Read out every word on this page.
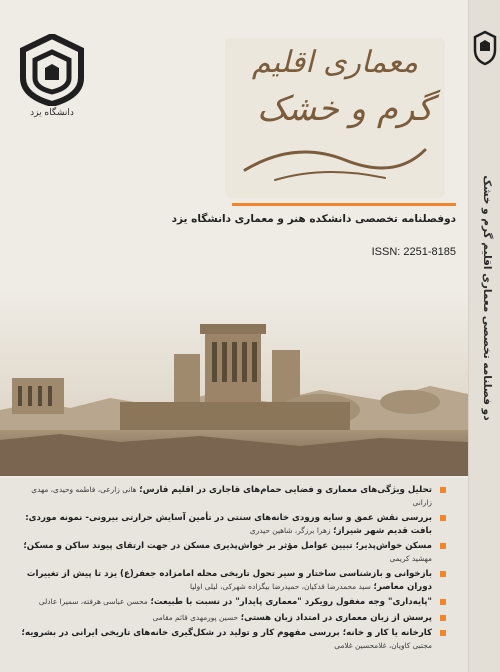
دانشگاه یزد
معماری اقلیم
گرم و خشک
دوفصلنامه تخصصی دانشکده هنر و معماری دانشگاه یزد
ISSN: 2251-8185
تحلیل ویژگی‌های معماری و فضایی حمام‌های قاجاری در اقلیم فارس؛ هانی زارعی، فاطمه وحیدی، مهدی زارانی
بررسی نقش عمق و سایه ورودی خانه‌های سنتی در تأمین آسایش حرارتی بیرونی- نمونه موردی: بافت قدیم شهر شیراز؛ زهرا برزگر، شاهین حیدری
مسکن خواش‌پذیر؛ تبیین عوامل مؤثر بر خواش‌پذیری مسکن در جهت ارتقای پیوند ساکن و مسکن؛ مهشید کریمی
بازخوانی و بازشناسی ساختار و سیر تحول تاریخی محله امامزاده جعفر(ع) یزد تا پیش از تغییرات دوران معاصر؛ سید محمدرضا قدکیان، حمیدرضا بیگزاده شهرکی، لیلی اولیا
"پایه‌داری" وجه مغفول رویکرد "معماری پایدار" در نسبت با طبیعت؛ محسن عباسی هرفته، سمیرا عادلی
پرسش از زبان معماری در امتداد زبان هستی؛ حسین پورمهدی قائم مقامی
کارخانه یا کار و خانه؛ بررسی مفهوم کار و تولید در شکل‌گیری خانه‌های تاریخی ایرانی در بشرویه؛ مجتبی کاویان، غلامحسین غلامی
دو فصلنامه تخصصی معماری اقلیم گرم و خشک
